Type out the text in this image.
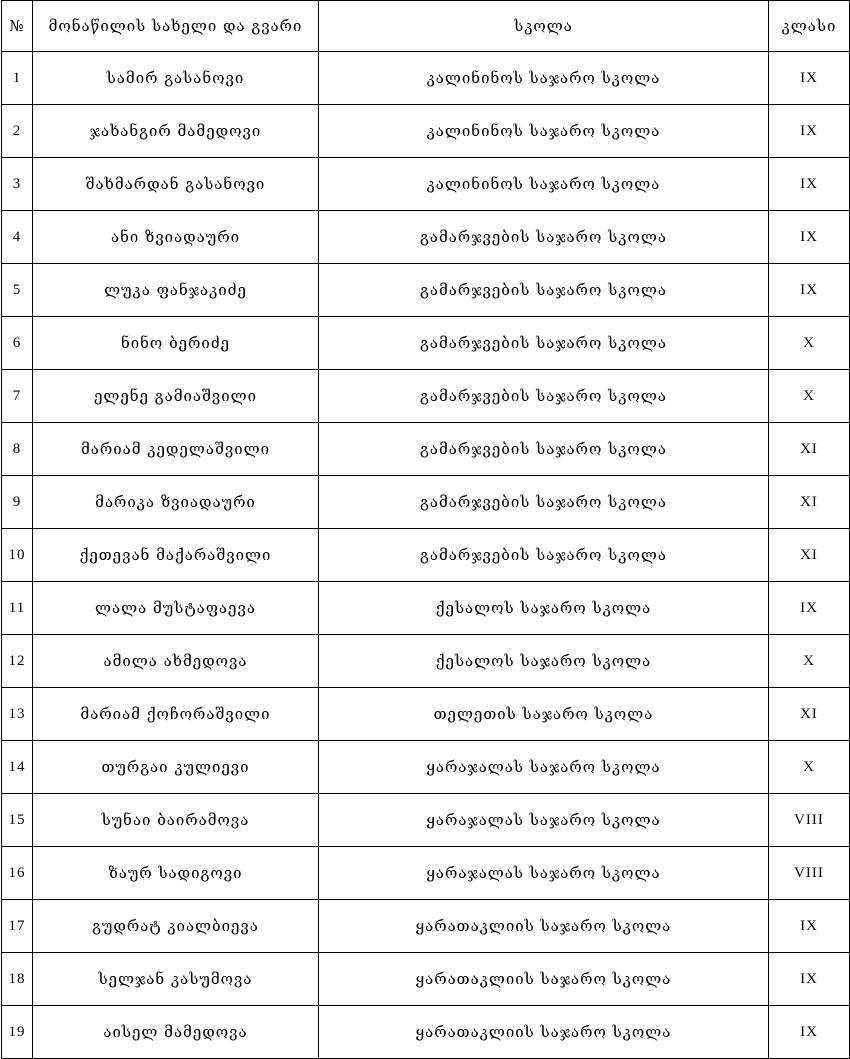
№	მონაწილის სახელი და გვარი	სკოლა	კლასი
1	სამირ გასანოვი	კალინინოს საჯარო სკოლა	IX
2	ჯახანგირ მამედოვი	კალინინოს საჯარო სკოლა	IX
3	შახმარდან გასანოვი	კალინინოს საჯარო სკოლა	IX
4	ანი ზვიადაური	გამარჯვების საჯარო სკოლა	IX
5	ლუკა ფანჯაკიძე	გამარჯვების საჯარო სკოლა	IX
6	ნინო ბერიძე	გამარჯვების საჯარო სკოლა	X
7	ელენე გამიაშვილი	გამარჯვების საჯარო სკოლა	X
8	მარიამ კედელაშვილი	გამარჯვების საჯარო სკოლა	XI
9	მარიკა ზვიადაური	გამარჯვების საჯარო სკოლა	XI
10	ქეთევან მაქარაშვილი	გამარჯვების საჯარო სკოლა	XI
11	ლალა მუსტაფაევა	ქესალოს საჯარო სკოლა	IX
12	ამილა ახმედოვა	ქესალოს საჯარო სკოლა	X
13	მარიამ ქოჩორაშვილი	თელეთის საჯარო სკოლა	XI
14	თურგაი კულიევი	ყარაჯალას საჯარო სკოლა	X
15	სუნაი ბაირამოვა	ყარაჯალას საჯარო სკოლა	VIII
16	ზაურ სადიგოვი	ყარაჯალას საჯარო სკოლა	VIII
17	გუდრატ კიალბიევა	ყარათაკლიის საჯარო სკოლა	IX
18	სელჯან კასუმოვა	ყარათაკლიის საჯარო სკოლა	IX
19	აისელ მამედოვა	ყარათაკლიის საჯარო სკოლა	IX
